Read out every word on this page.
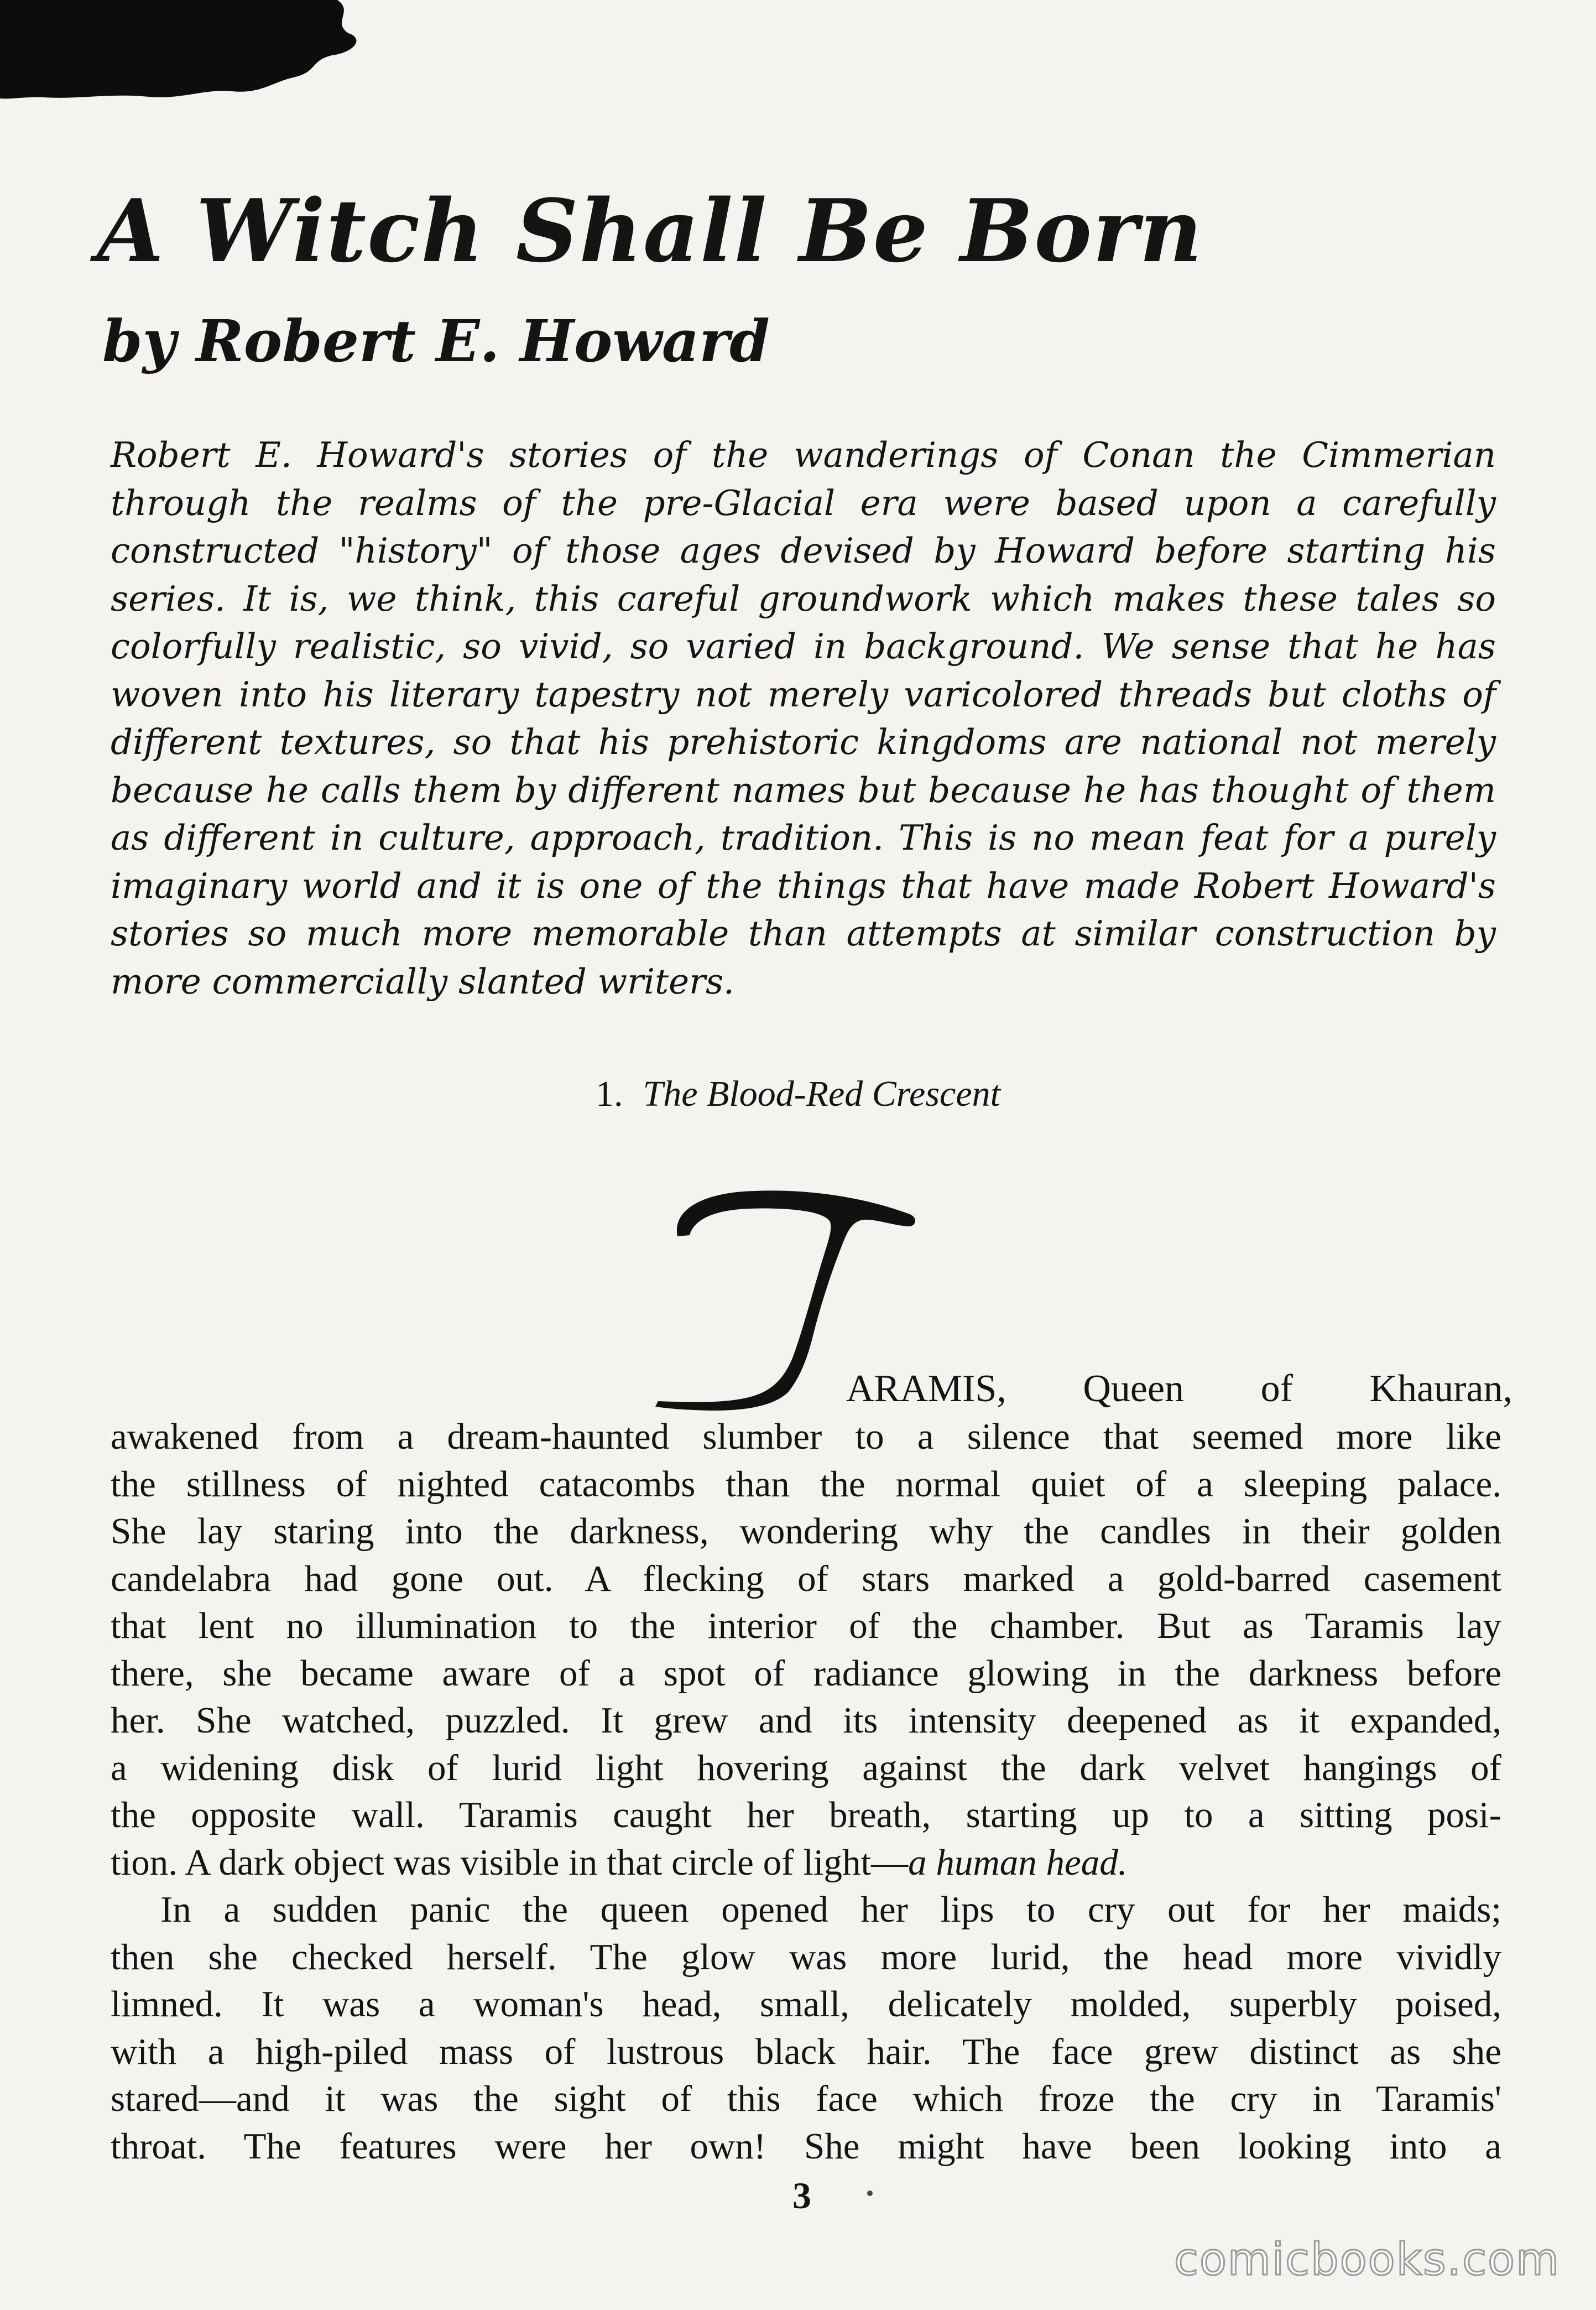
A Witch Shall Be Born
by Robert E. Howard

Robert E. Howard's stories of the wanderings of Conan the Cimmerian through the realms of the pre-Glacial era were based upon a carefully constructed "history" of those ages devised by Howard before starting his series. It is, we think, this careful groundwork which makes these tales so colorfully realistic, so vivid, so varied in background. We sense that he has woven into his literary tapestry not merely varicolored threads but cloths of different textures, so that his prehistoric kingdoms are national not merely because he calls them by different names but because he has thought of them as different in culture, approach, tradition. This is no mean feat for a purely imaginary world and it is one of the things that have made Robert Howard's stories so much more memorable than attempts at similar construction by more commercially slanted writers.

1. The Blood-Red Crescent
ARAMIS, Queen of Khauran,

awakened from a dream-haunted slumber to a silence that seemed more like

the stillness of nighted catacombs than the normal quiet of a sleeping palace.

She lay staring into the darkness, wondering why the candles in their golden

candelabra had gone out. A flecking of stars marked a gold-barred casement

that lent no illumination to the interior of the chamber. But as Taramis lay

there, she became aware of a spot of radiance glowing in the darkness before

her. She watched, puzzled. It grew and its intensity deepened as it expanded,

a widening disk of lurid light hovering against the dark velvet hangings of

the opposite wall. Taramis caught her breath, starting up to a sitting posi-

tion. A dark object was visible in that circle of light—a human head.

In a sudden panic the queen opened her lips to cry out for her maids;

then she checked herself. The glow was more lurid, the head more vividly

limned. It was a woman's head, small, delicately molded, superbly poised,

with a high-piled mass of lustrous black hair. The face grew distinct as she

stared—and it was the sight of this face which froze the cry in Taramis'

throat. The features were her own! She might have been looking into a

3
comicbooks.com
